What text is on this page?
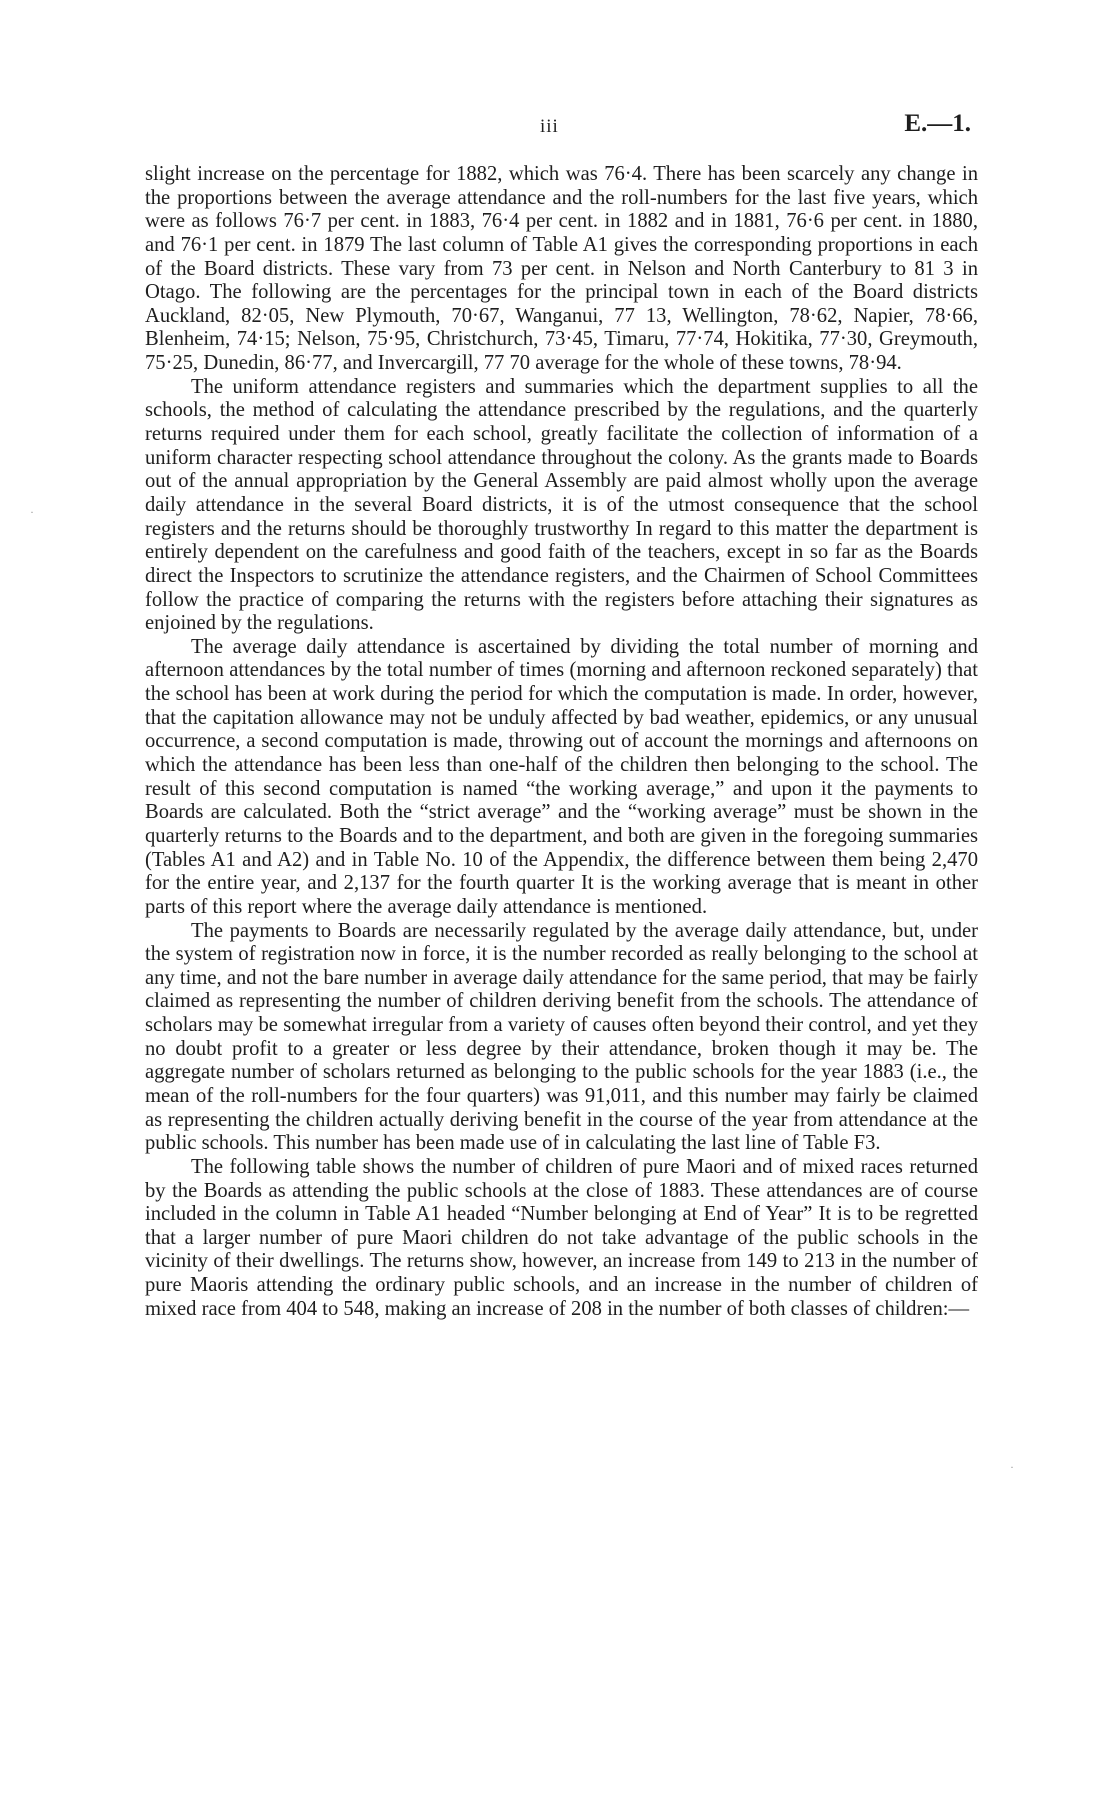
iii	E.—1.
·
·

slight increase on the percentage for 1882, which was 76·4. There has been scarcely any change in the proportions between the average attendance and the roll-numbers for the last five years, which were as follows 76·7 per cent. in 1883, 76·4 per cent. in 1882 and in 1881, 76·6 per cent. in 1880, and 76·1 per cent. in 1879 The last column of Table A1 gives the corresponding proportions in each of the Board districts. These vary from 73 per cent. in Nelson and North Canterbury to 81 3 in Otago. The following are the percentages for the principal town in each of the Board districts Auckland, 82·05, New Plymouth, 70·67, Wanganui, 77 13, Wellington, 78·62, Napier, 78·66, Blenheim, 74·15; Nelson, 75·95, Christchurch, 73·45, Timaru, 77·74, Hokitika, 77·30, Greymouth, 75·25, Dunedin, 86·77, and Invercargill, 77 70 average for the whole of these towns, 78·94.

The uniform attendance registers and summaries which the department supplies to all the schools, the method of calculating the attendance prescribed by the regulations, and the quarterly returns required under them for each school, greatly facilitate the collection of information of a uniform character respecting school attendance throughout the colony. As the grants made to Boards out of the annual appropriation by the General Assembly are paid almost wholly upon the average daily attendance in the several Board districts, it is of the utmost consequence that the school registers and the returns should be thoroughly trustworthy In regard to this matter the department is entirely dependent on the carefulness and good faith of the teachers, except in so far as the Boards direct the Inspectors to scrutinize the attendance registers, and the Chairmen of School Committees follow the practice of comparing the returns with the registers before attaching their signatures as enjoined by the regulations.

The average daily attendance is ascertained by dividing the total number of morning and afternoon attendances by the total number of times (morning and afternoon reckoned separately) that the school has been at work during the period for which the computation is made. In order, however, that the capitation allowance may not be unduly affected by bad weather, epidemics, or any unusual occurrence, a second computation is made, throwing out of account the mornings and afternoons on which the attendance has been less than one-half of the children then belonging to the school. The result of this second computation is named “the working average,” and upon it the payments to Boards are calculated. Both the “strict average” and the “working average” must be shown in the quarterly returns to the Boards and to the department, and both are given in the foregoing summaries (Tables A1 and A2) and in Table No. 10 of the Appendix, the difference between them being 2,470 for the entire year, and 2,137 for the fourth quarter It is the working average that is meant in other parts of this report where the average daily attendance is mentioned.

The payments to Boards are necessarily regulated by the average daily attendance, but, under the system of registration now in force, it is the number recorded as really belonging to the school at any time, and not the bare number in average daily attendance for the same period, that may be fairly claimed as representing the number of children deriving benefit from the schools. The attendance of scholars may be somewhat irregular from a variety of causes often beyond their control, and yet they no doubt profit to a greater or less degree by their attendance, broken though it may be. The aggregate number of scholars returned as belonging to the public schools for the year 1883 (i.e., the mean of the roll-numbers for the four quarters) was 91,011, and this number may fairly be claimed as representing the children actually deriving benefit in the course of the year from attendance at the public schools. This number has been made use of in calculating the last line of Table F3.

The following table shows the number of children of pure Maori and of mixed races returned by the Boards as attending the public schools at the close of 1883. These attendances are of course included in the column in Table A1 headed “Number belonging at End of Year” It is to be regretted that a larger number of pure Maori children do not take advantage of the public schools in the vicinity of their dwellings. The returns show, however, an increase from 149 to 213 in the number of pure Maoris attending the ordinary public schools, and an increase in the number of children of mixed race from 404 to 548, making an increase of 208 in the number of both classes of children:—
